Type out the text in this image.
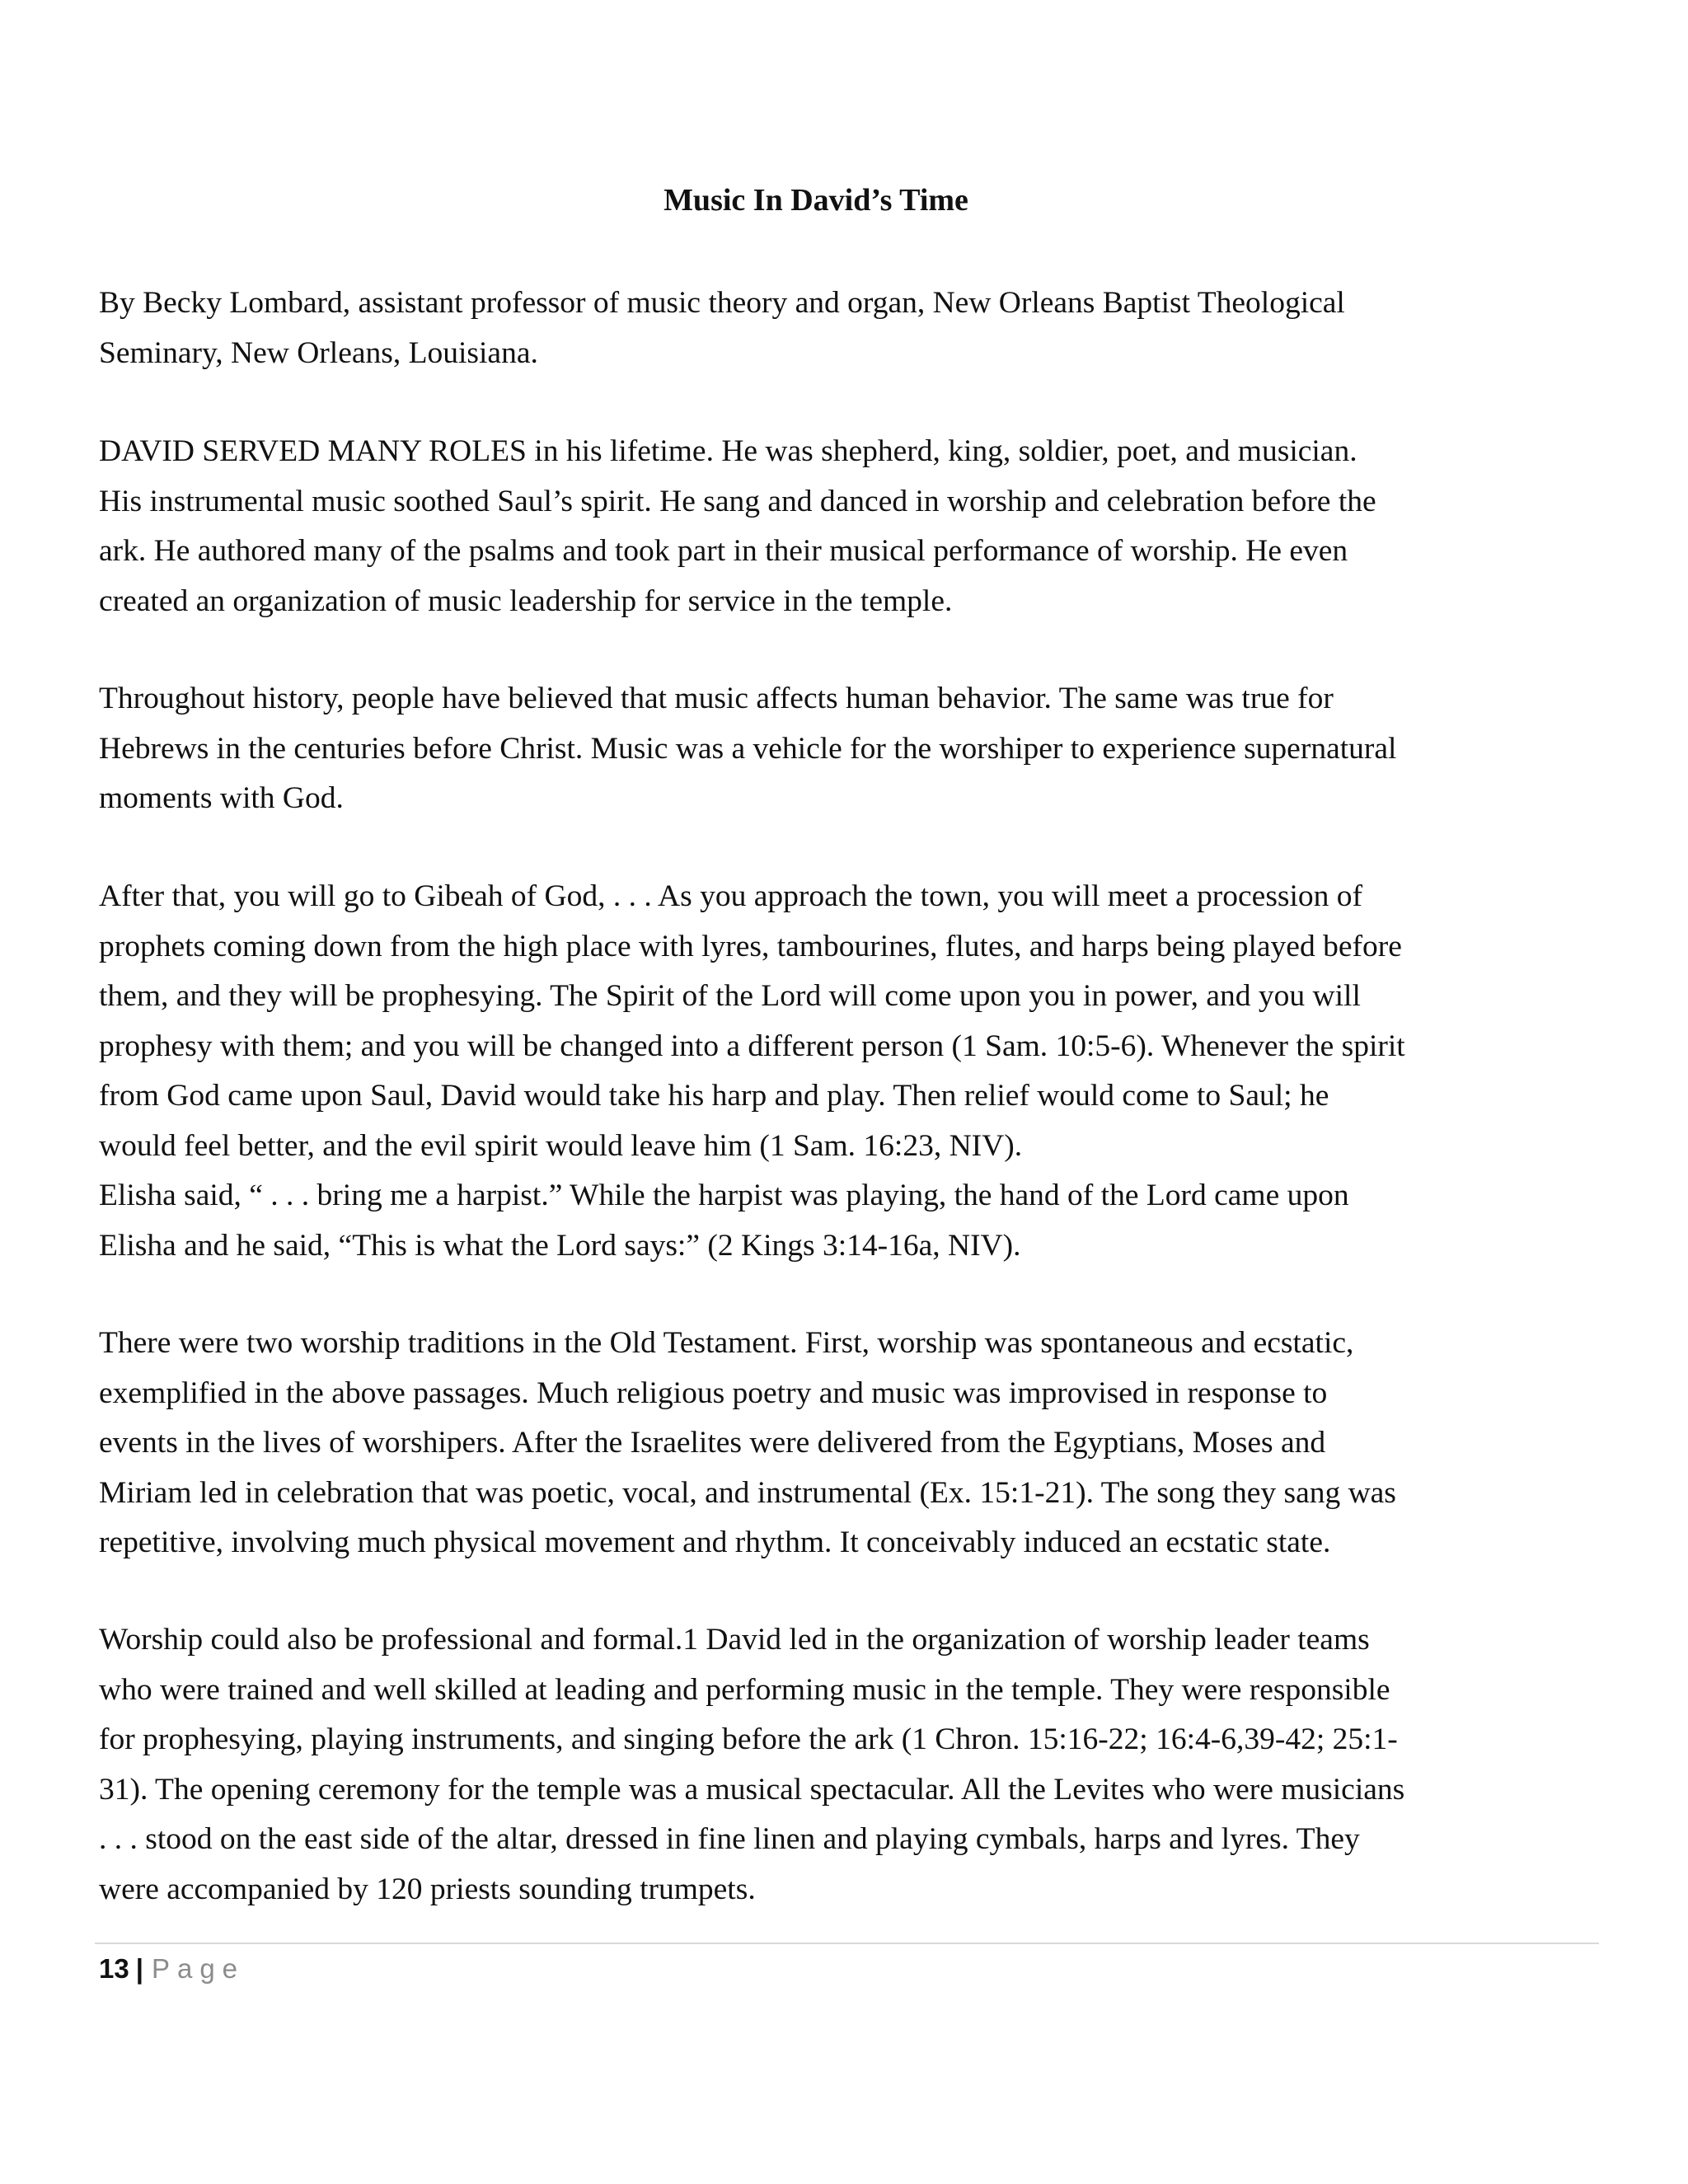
Music In David’s Time

By Becky Lombard, assistant professor of music theory and organ, New Orleans Baptist Theological
Seminary, New Orleans, Louisiana.

DAVID SERVED MANY ROLES in his lifetime. He was shepherd, king, soldier, poet, and musician.
His instrumental music soothed Saul’s spirit. He sang and danced in worship and celebration before the
ark. He authored many of the psalms and took part in their musical performance of worship. He even
created an organization of music leadership for service in the temple.

Throughout history, people have believed that music affects human behavior. The same was true for
Hebrews in the centuries before Christ. Music was a vehicle for the worshiper to experience supernatural
moments with God.

After that, you will go to Gibeah of God, . . . As you approach the town, you will meet a procession of
prophets coming down from the high place with lyres, tambourines, flutes, and harps being played before
them, and they will be prophesying. The Spirit of the Lord will come upon you in power, and you will
prophesy with them; and you will be changed into a different person (1 Sam. 10:5-6). Whenever the spirit
from God came upon Saul, David would take his harp and play. Then relief would come to Saul; he
would feel better, and the evil spirit would leave him (1 Sam. 16:23, NIV).
Elisha said, “ . . . bring me a harpist.” While the harpist was playing, the hand of the Lord came upon
Elisha and he said, “This is what the Lord says:” (2 Kings 3:14-16a, NIV).

There were two worship traditions in the Old Testament. First, worship was spontaneous and ecstatic,
exemplified in the above passages. Much religious poetry and music was improvised in response to
events in the lives of worshipers. After the Israelites were delivered from the Egyptians, Moses and
Miriam led in celebration that was poetic, vocal, and instrumental (Ex. 15:1-21). The song they sang was
repetitive, involving much physical movement and rhythm. It conceivably induced an ecstatic state.

Worship could also be professional and formal.1 David led in the organization of worship leader teams
who were trained and well skilled at leading and performing music in the temple. They were responsible
for prophesying, playing instruments, and singing before the ark (1 Chron. 15:16-22; 16:4-6,39-42; 25:1-
31). The opening ceremony for the temple was a musical spectacular. All the Levites who were musicians
. . . stood on the east side of the altar, dressed in fine linen and playing cymbals, harps and lyres. They
were accompanied by 120 priests sounding trumpets.

13 | Page
